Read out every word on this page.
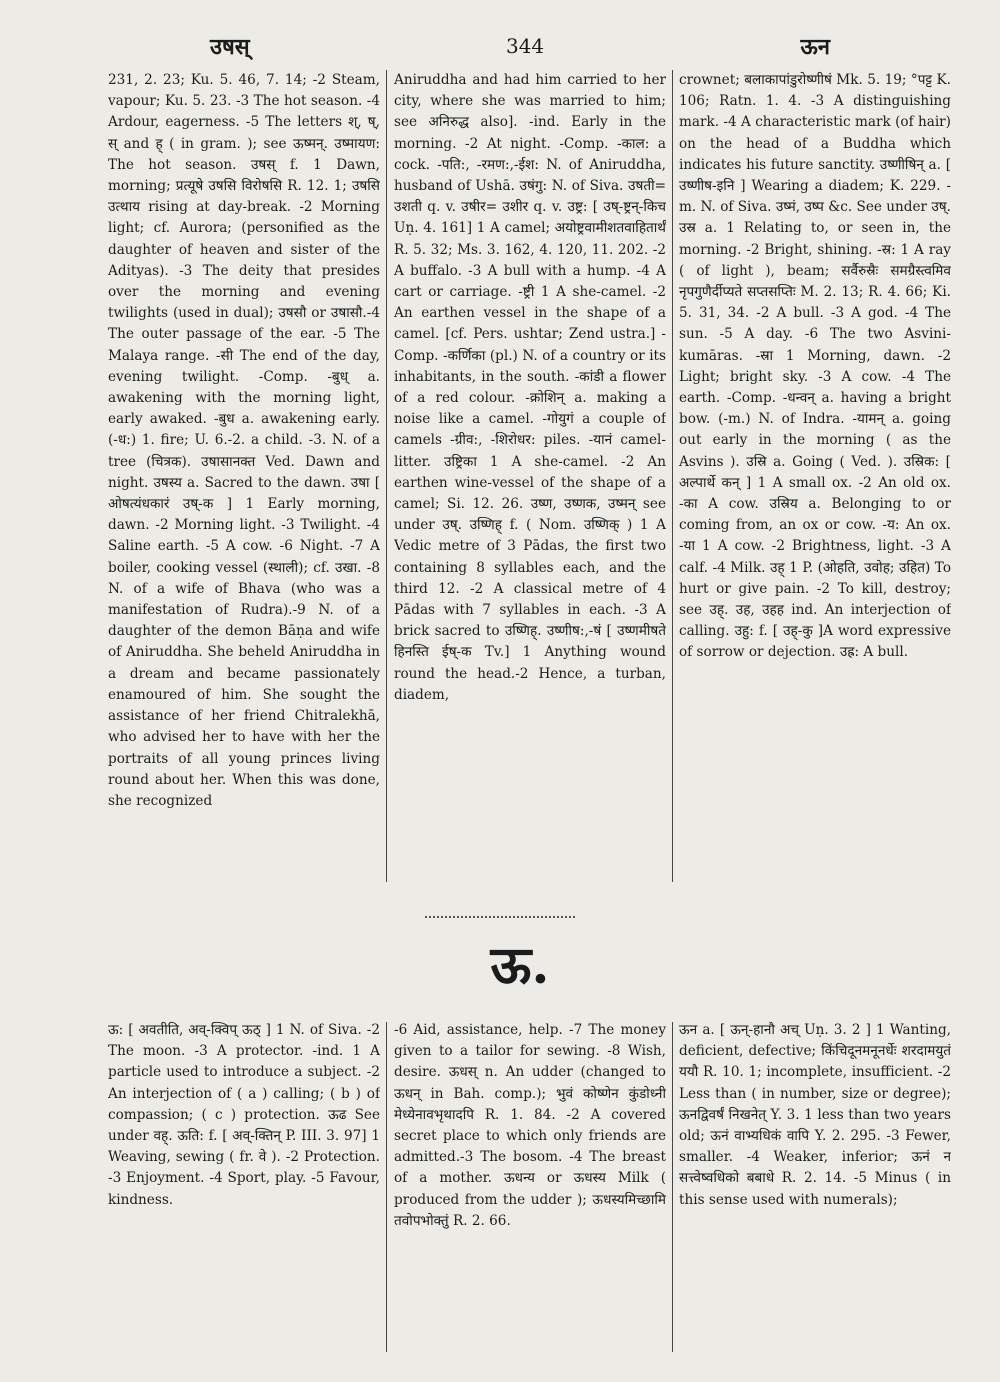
उषस्	344	ऊन

231, 2. 23; Ku. 5. 46, 7. 14; -2 Steam, vapour; Ku. 5. 23. -3 The hot season. -4 Ardour, eagerness. -5 The letters श्, ष्, स् and ह् ( in gram. ); see ऊष्मन्. उष्मायण: The hot season. उषस् f. 1 Dawn, morning; प्रत्यूषे उषसि विरोषसि R. 12. 1; उषसि उत्थाय rising at day-break. -2 Morning light; cf. Aurora; (personified as the daughter of heaven and sister of the Adityas). -3 The deity that presides over the morning and evening twilights (used in dual); उषसौ or उषासौ.-4 The outer passage of the ear. -5 The Malaya range. -सी The end of the day, evening twilight. -Comp. -बुध् a. awakening with the morning light, early awaked. -बुध a. awakening early. (-ध:) 1. fire; U. 6.-2. a child. -3. N. of a tree (चित्रक). उषासानक्त Ved. Dawn and night. उषस्य a. Sacred to the dawn. उषा [ ओषत्यंधकारं उष्-क ] 1 Early morning, dawn. -2 Morning light. -3 Twilight. -4 Saline earth. -5 A cow. -6 Night. -7 A boiler, cooking vessel (स्थाली); cf. उखा. -8 N. of a wife of Bhava (who was a manifestation of Rudra).-9 N. of a daughter of the demon Bāṇa and wife of Aniruddha. She beheld Aniruddha in a dream and became passionately enamoured of him. She sought the assistance of her friend Chitralekhā, who advised her to have with her the portraits of all young princes living round about her. When this was done, she recognized

Aniruddha and had him carried to her city, where she was married to him; see अनिरुद्ध also]. -ind. Early in the morning. -2 At night. -Comp. -काल: a cock. -पति:, -रमण:,-ईश: N. of Aniruddha, husband of Ushā. उषंगु: N. of Siva. उषती= उशती q. v. उषीर= उशीर q. v. उष्ट्र: [ उष्-ष्ट्रन्-किच Uṇ. 4. 161] 1 A camel; अयोष्ट्रवामीशतवाहितार्थं R. 5. 32; Ms. 3. 162, 4. 120, 11. 202. -2 A buffalo. -3 A bull with a hump. -4 A cart or carriage. -ष्ट्री 1 A she-camel. -2 An earthen vessel in the shape of a camel. [cf. Pers. ushtar; Zend ustra.] -Comp. -कर्णिका (pl.) N. of a country or its inhabitants, in the south. -कांडी a flower of a red colour. -क्रोशिन् a. making a noise like a camel. -गोयुगं a couple of camels -ग्रीव:, -शिरोधर: piles. -यानं camel-litter. उष्ट्रिका 1 A she-camel. -2 An earthen wine-vessel of the shape of a camel; Si. 12. 26. उष्ण, उष्णक, उष्मन् see under उष्. उष्णिह् f. ( Nom. उष्णिक् ) 1 A Vedic metre of 3 Pādas, the first two containing 8 syllables each, and the third 12. -2 A classical metre of 4 Pādas with 7 syllables in each. -3 A brick sacred to उष्णिह्. उष्णीष:,-षं [ उष्णमीषते हिनस्ति ईष्-क Tv.] 1 Anything wound round the head.-2 Hence, a turban, diadem,

crownet; बलाकापांडुरोष्णीषं Mk. 5. 19; °पट्ट K. 106; Ratn. 1. 4. -3 A distinguishing mark. -4 A characteristic mark (of hair) on the head of a Buddha which indicates his future sanctity. उष्णीषिन् a. [ उष्णीष-इनि ] Wearing a diadem; K. 229. -m. N. of Siva. उष्मं, उष्प &c. See under उष्. उस्र a. 1 Relating to, or seen in, the morning. -2 Bright, shining. -स्र: 1 A ray ( of light ), beam; सर्वैरुस्रैः समग्रैस्त्वमिव नृपगुणैर्दीप्यते सप्तसप्तिः M. 2. 13; R. 4. 66; Ki. 5. 31, 34. -2 A bull. -3 A god. -4 The sun. -5 A day. -6 The two Asvini-kumāras. -स्रा 1 Morning, dawn. -2 Light; bright sky. -3 A cow. -4 The earth. -Comp. -धन्वन् a. having a bright bow. (-m.) N. of Indra. -यामन् a. going out early in the morning ( as the Asvins ). उस्रि a. Going ( Ved. ). उस्रिक: [ अल्पार्थे कन् ] 1 A small ox. -2 An old ox. -का A cow. उस्रिय a. Belonging to or coming from, an ox or cow. -य: An ox. -या 1 A cow. -2 Brightness, light. -3 A calf. -4 Milk. उह् 1 P. (ओहति, उवोह; उहित) To hurt or give pain. -2 To kill, destroy; see उह्. उह, उहह ind. An interjection of calling. उहु: f. [ उह्-कु ]A word expressive of sorrow or dejection. उह्र: A bull.

ऊ.

ऊ: [ अवतीति, अव्-क्विप् ऊठ् ] 1 N. of Siva. -2 The moon. -3 A protector. -ind. 1 A particle used to introduce a subject. -2 An interjection of ( a ) calling; ( b ) of compassion; ( c ) protection. ऊढ See under वह्. ऊति: f. [ अव्-क्तिन् P. III. 3. 97] 1 Weaving, sewing ( fr. वे ). -2 Protection. -3 Enjoyment. -4 Sport, play. -5 Favour, kindness.

-6 Aid, assistance, help. -7 The money given to a tailor for sewing. -8 Wish, desire. ऊधस् n. An udder (changed to ऊधन् in Bah. comp.); भुवं कोष्णेन कुंडोध्नी मेध्येनावभृथादपि R. 1. 84. -2 A covered secret place to which only friends are admitted.-3 The bosom. -4 The breast of a mother. ऊधन्य or ऊधस्य Milk ( produced from the udder ); ऊधस्यमिच्छामि तवोपभोक्तुं R. 2. 66.

ऊन a. [ ऊन्-हानौ अच् Uṇ. 3. 2 ] 1 Wanting, deficient, defective; किंचिदूनमनूनर्धेः शरदामयुतं ययौ R. 10. 1; incomplete, insufficient. -2 Less than ( in number, size or degree); ऊनद्विवर्षं निखनेत् Y. 3. 1 less than two years old; ऊनं वाभ्यधिकं वापि Y. 2. 295. -3 Fewer, smaller. -4 Weaker, inferior; ऊनं न सत्त्वेष्वधिको बबाधे R. 2. 14. -5 Minus ( in this sense used with numerals);
